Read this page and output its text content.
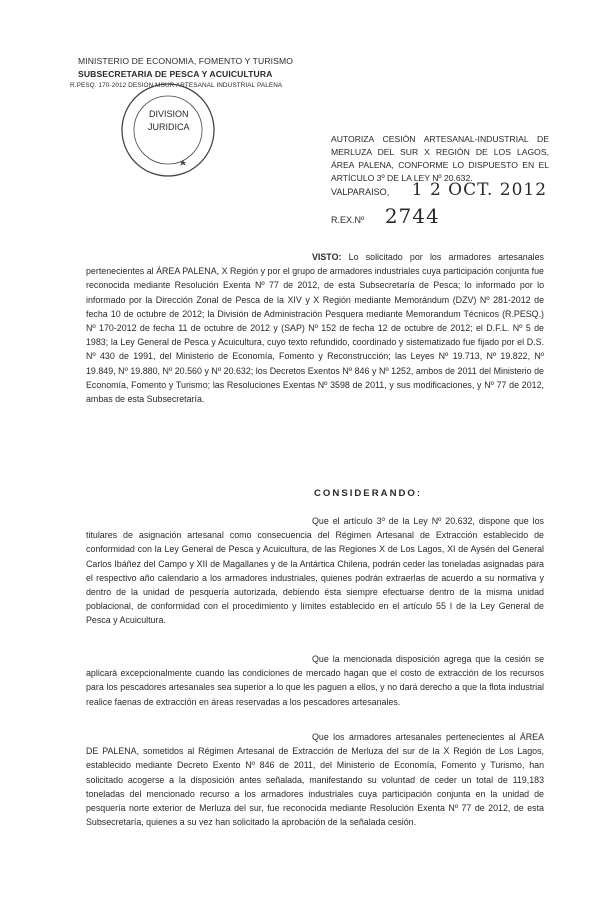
MINISTERIO DE ECONOMIA, FOMENTO Y TURISMO
SUBSECRETARIA DE PESCA Y ACUICULTURA
R.PESQ. 170-2012 DESION MSUR ARTESANAL INDUSTRIAL PALENA
DIVISION
JURIDICA
AUTORIZA CESIÓN ARTESANAL-INDUSTRIAL DE MERLUZA DEL SUR X REGIÓN DE LOS LAGOS, ÁREA PALENA, CONFORME LO DISPUESTO EN EL ARTÍCULO 3º DE LA LEY Nº 20.632.
VALPARAISO, 1 2 OCT. 2012
R.EX.Nº 2744
VISTO: Lo solicitado por los armadores artesanales pertenecientes al ÁREA PALENA, X Región y por el grupo de armadores industriales cuya participación conjunta fue reconocida mediante Resolución Exenta Nº 77 de 2012, de esta Subsecretaría de Pesca; lo informado por lo informado por la Dirección Zonal de Pesca de la XIV y X Región mediante Memorándum (DZV) Nº 281-2012 de fecha 10 de octubre de 2012; la División de Administración Pesquera mediante Memorandum Técnicos (R.PESQ.) Nº 170-2012 de fecha 11 de octubre de 2012 y (SAP) Nº 152 de fecha 12 de octubre de 2012; el D.F.L. Nº 5 de 1983; la Ley General de Pesca y Acuicultura, cuyo texto refundido, coordinado y sistematizado fue fijado por el D.S. Nº 430 de 1991, del Ministerio de Economía, Fomento y Reconstrucción; las Leyes Nº 19.713, Nº 19.822, Nº 19.849, Nº 19.880, Nº 20.560 y Nº 20.632; los Decretos Exentos Nº 846 y Nº 1252, ambos de 2011 del Ministerio de Economía, Fomento y Turismo; las Resoluciones Exentas Nº 3598 de 2011, y sus modificaciones, y Nº 77 de 2012, ambas de esta Subsecretaría.
CONSIDERANDO:
Que el artículo 3º de la Ley Nº 20.632, dispone que los titulares de asignación artesanal como consecuencia del Régimen Artesanal de Extracción establecido de conformidad con la Ley General de Pesca y Acuicultura, de las Regiones X de Los Lagos, XI de Aysén del General Carlos Ibáñez del Campo y XII de Magallanes y de la Antártica Chilena, podrán ceder las toneladas asignadas para el respectivo año calendario a los armadores industriales, quienes podrán extraerlas de acuerdo a su normativa y dentro de la unidad de pesquería autorizada, debiendo ésta siempre efectuarse dentro de la misma unidad poblacional, de conformidad con el procedimiento y límites establecido en el artículo 55 I de la Ley General de Pesca y Acuicultura.
Que la mencionada disposición agrega que la cesión se aplicará excepcionalmente cuando las condiciones de mercado hagan que el costo de extracción de los recursos para los pescadores artesanales sea superior a lo que les paguen a ellos, y no dará derecho a que la flota industrial realice faenas de extracción en áreas reservadas a los pescadores artesanales.
Que los armadores artesanales pertenecientes al ÁREA DE PALENA, sometidos al Régimen Artesanal de Extracción de Merluza del sur de la X Región de Los Lagos, establecido mediante Decreto Exento Nº 846 de 2011, del Ministerio de Economía, Fomento y Turismo, han solicitado acogerse a la disposición antes señalada, manifestando su voluntad de ceder un total de 119,183 toneladas del mencionado recurso a los armadores industriales cuya participación conjunta en la unidad de pesquería norte exterior de Merluza del sur, fue reconocida mediante Resolución Exenta Nº 77 de 2012, de esta Subsecretaría, quienes a su vez han solicitado la aprobación de la señalada cesión.
